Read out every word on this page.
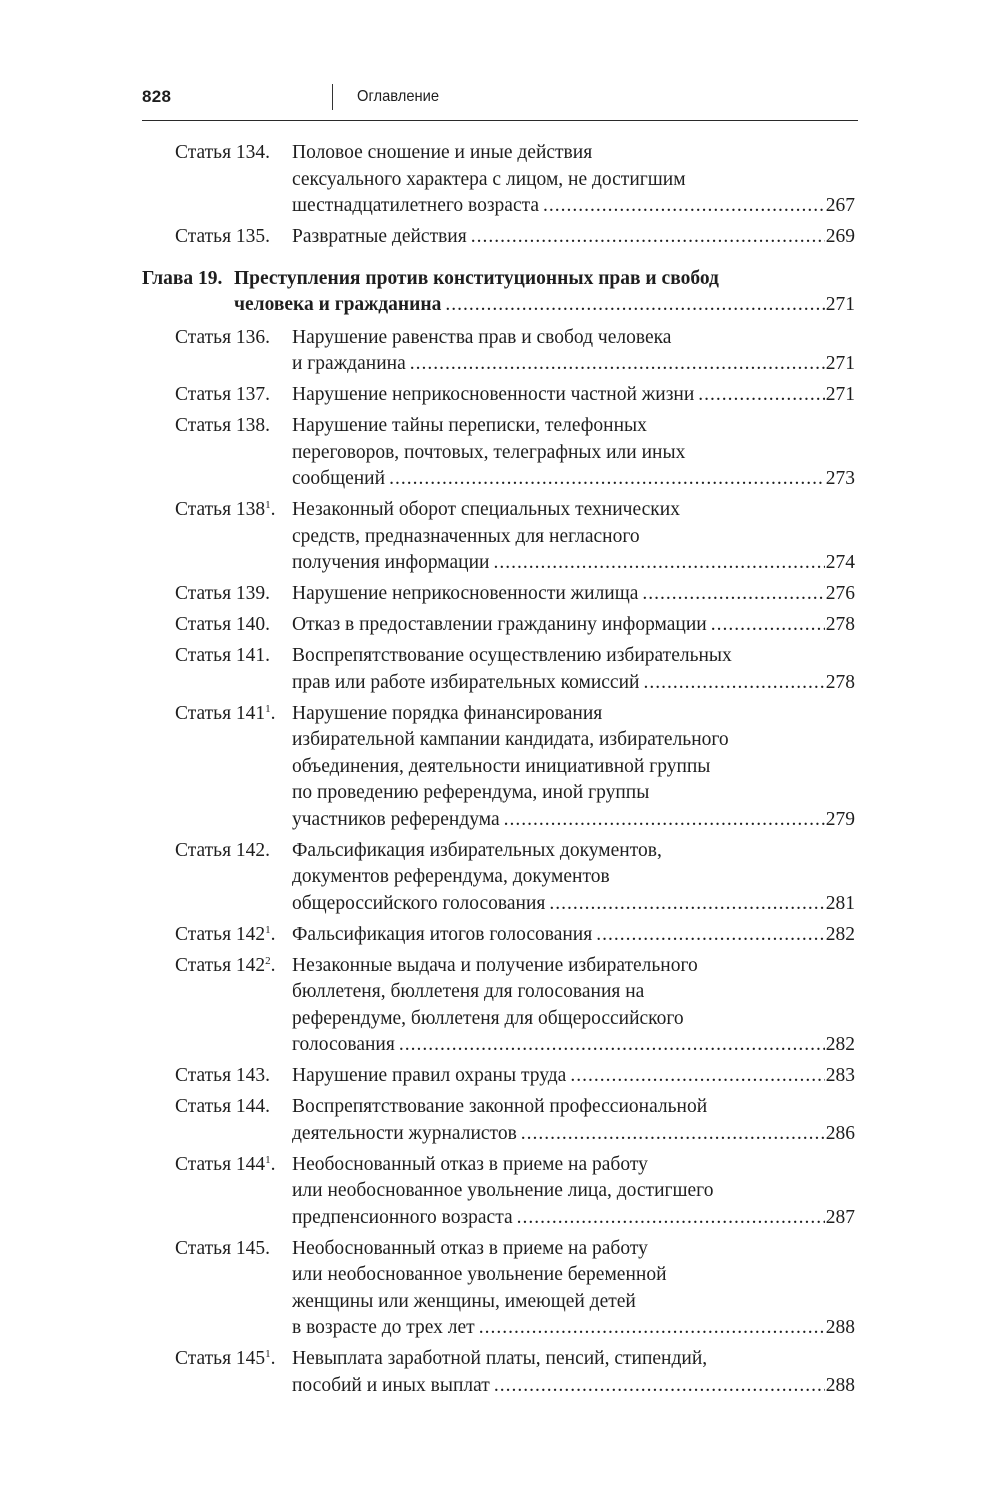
828	Оглавление
Статья 134. Половое сношение и иные действия
сексуального характера с лицом, не достигшим
шестнадцатилетнего возраста .....	267
Статья 135. Развратные действия .....	269
Глава 19. Преступления против конституционных прав и свобод
человека и гражданина .....	271
Статья 136. Нарушение равенства прав и свобод человека
и гражданина .....	271
Статья 137. Нарушение неприкосновенности частной жизни .....	271
Статья 138. Нарушение тайны переписки, телефонных
переговоров, почтовых, телеграфных или иных
сообщений .....	273
Статья $138^1$. Незаконный оборот специальных технических
средств, предназначенных для негласного
получения информации .....	274
Статья 139. Нарушение неприкосновенности жилища .....	276
Статья 140. Отказ в предоставлении гражданину информации .....	278
Статья 141. Воспрепятствование осуществлению избирательных
прав или работе избирательных комиссий .....	278
Статья $141^1$. Нарушение порядка финансирования
избирательной кампании кандидата, избирательного
объединения, деятельности инициативной группы
по проведению референдума, иной группы
участников референдума .....	279
Статья 142. Фальсификация избирательных документов,
документов референдума, документов
общероссийского голосования .....	281
Статья $142^1$. Фальсификация итогов голосования .....	282
Статья $142^2$. Незаконные выдача и получение избирательного
бюллетеня, бюллетеня для голосования на
референдуме, бюллетеня для общероссийского
голосования .....	282
Статья 143. Нарушение правил охраны труда .....	283
Статья 144. Воспрепятствование законной профессиональной
деятельности журналистов .....	286
Статья $144^1$. Необоснованный отказ в приеме на работу
или необоснованное увольнение лица, достигшего
предпенсионного возраста .....	287
Статья 145. Необоснованный отказ в приеме на работу
или необоснованное увольнение беременной
женщины или женщины, имеющей детей
в возрасте до трех лет .....	288
Статья $145^1$. Невыплата заработной платы, пенсий, стипендий,
пособий и иных выплат .....	288
